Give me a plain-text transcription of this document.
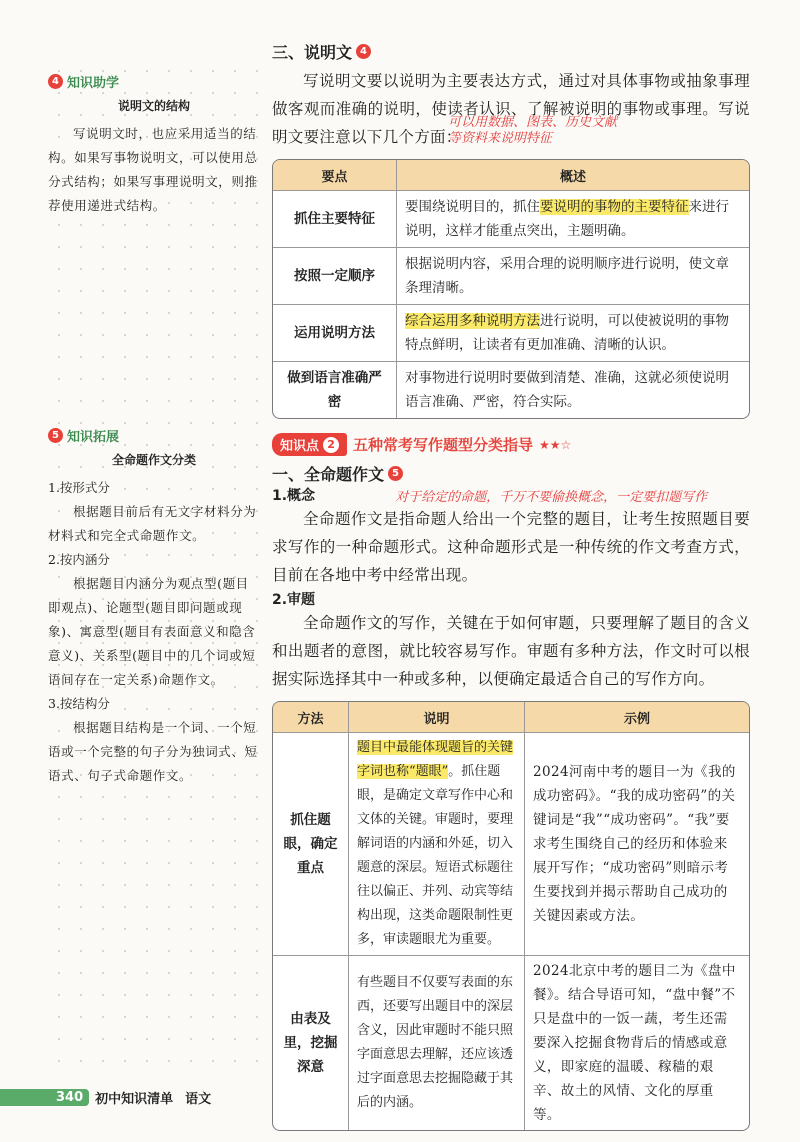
4 知识助学
说明文的结构

写说明文时，也应采用适当的结构。如果写事物说明文，可以使用总分式结构；如果写事理说明文，则推荐使用递进式结构。

5 知识拓展
全命题作文分类

1.按形式分

根据题目前后有无文字材料分为材料式和完全式命题作文。

2.按内涵分

根据题目内涵分为观点型(题目即观点)、论题型(题目即问题或现象)、寓意型(题目有表面意义和隐含意义)、关系型(题目中的几个词或短语间存在一定关系)命题作文。

3.按结构分

根据题目结构是一个词、一个短语或一个完整的句子分为独词式、短语式、句子式命题作文。

三、说明文 4

写说明文要以说明为主要表达方式，通过对具体事物或抽象事理做客观而准确的说明，使读者认识、了解被说明的事物或事理。写说明文要注意以下几个方面：

可以用数据、图表、历史文献
等资料来说明特征
要点	概述
抓住主要特征	要围绕说明目的，抓住要说明的事物的主要特征来进行说明，这样才能重点突出，主题明确。
按照一定顺序	根据说明内容，采用合理的说明顺序进行说明，使文章条理清晰。
运用说明方法	综合运用多种说明方法进行说明，可以使被说明的事物特点鲜明，让读者有更加准确、清晰的认识。
做到语言准确严密	对事物进行说明时要做到清楚、准确，这就必须使说明语言准确、严密，符合实际。
知识点 2 五种常考写作题型分类指导 ★★☆
一、全命题作文 5

1.概念	对于给定的命题，千万不要偷换概念，一定要扣题写作

全命题作文是指命题人给出一个完整的题目，让考生按照题目要求写作的一种命题形式。这种命题形式是一种传统的作文考查方式，目前在各地中考中经常出现。

2.审题

全命题作文的写作，关键在于如何审题，只要理解了题目的含义和出题者的意图，就比较容易写作。审题有多种方法，作文时可以根据实际选择其中一种或多种，以便确定最适合自己的写作方向。

方法	说明	示例
抓住题眼，确定重点	题目中最能体现题旨的关键字词也称“题眼”。抓住题眼，是确定文章写作中心和文体的关键。审题时，要理解词语的内涵和外延，切入题意的深层。短语式标题往往以偏正、并列、动宾等结构出现，这类命题限制性更多，审读题眼尤为重要。	2024河南中考的题目一为《我的成功密码》。“我的成功密码”的关键词是“我”“成功密码”。“我”要求考生围绕自己的经历和体验来展开写作；“成功密码”则暗示考生要找到并揭示帮助自己成功的关键因素或方法。
由表及里，挖掘深意	有些题目不仅要写表面的东西，还要写出题目中的深层含义，因此审题时不能只照字面意思去理解，还应该透过字面意思去挖掘隐藏于其后的内涵。	2024北京中考的题目二为《盘中餐》。结合导语可知，“盘中餐”不只是盘中的一饭一蔬，考生还需要深入挖掘食物背后的情感或意义，即家庭的温暖、稼穑的艰辛、故土的风情、文化的厚重等。
340 初中知识清单 语文
